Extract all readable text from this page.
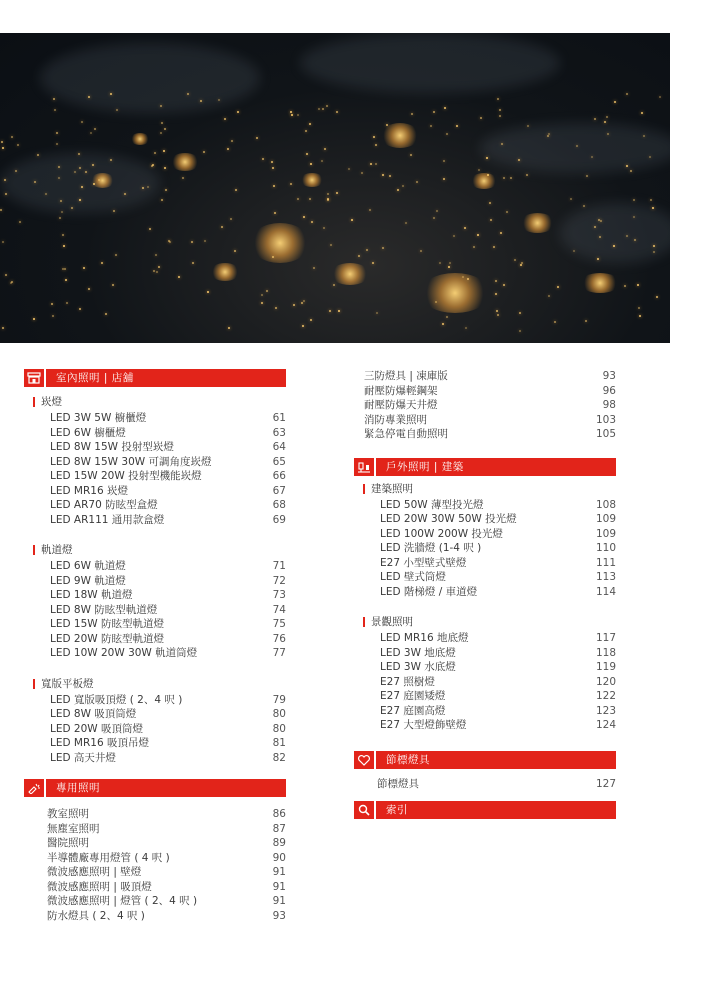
室內照明 | 店舖
崁燈
LED 3W 5W 櫥櫃燈	61
LED 6W 櫥櫃燈	63
LED 8W 15W 投射型崁燈	64
LED 8W 15W 30W 可調角度崁燈	65
LED 15W 20W 投射型機能崁燈	66
LED MR16 崁燈	67
LED AR70 防眩型盒燈	68
LED AR111 通用款盒燈	69
軌道燈
LED 6W 軌道燈	71
LED 9W 軌道燈	72
LED 18W 軌道燈	73
LED 8W 防眩型軌道燈	74
LED 15W 防眩型軌道燈	75
LED 20W 防眩型軌道燈	76
LED 10W 20W 30W 軌道筒燈	77
寬版平板燈
LED 寬版吸頂燈 ( 2、4 呎 )	79
LED 8W 吸頂筒燈	80
LED 20W 吸頂筒燈	80
LED MR16 吸頂吊燈	81
LED 高天井燈	82
專用照明
教室照明	86
無塵室照明	87
醫院照明	89
半導體廠專用燈管 ( 4 呎 )	90
微波感應照明 | 壁燈	91
微波感應照明 | 吸頂燈	91
微波感應照明 | 燈管 ( 2、4 呎 )	91
防水燈具 ( 2、4 呎 )	93
三防燈具 | 凍庫版	93
耐壓防爆輕鋼架	96
耐壓防爆天井燈	98
消防專業照明	103
緊急停電自動照明	105
戶外照明 | 建築
建築照明
LED 50W 薄型投光燈	108
LED 20W 30W 50W 投光燈	109
LED 100W 200W 投光燈	109
LED 洗牆燈 (1-4 呎 )	110
E27 小型壁式壁燈	111
LED 壁式筒燈	113
LED 階梯燈 / 車道燈	114
景觀照明
LED MR16 地底燈	117
LED 3W 地底燈	118
LED 3W 水底燈	119
E27 照樹燈	120
E27 庭園矮燈	122
E27 庭園高燈	123
E27 大型燈飾壁燈	124
節標燈具
節標燈具	127
索引
